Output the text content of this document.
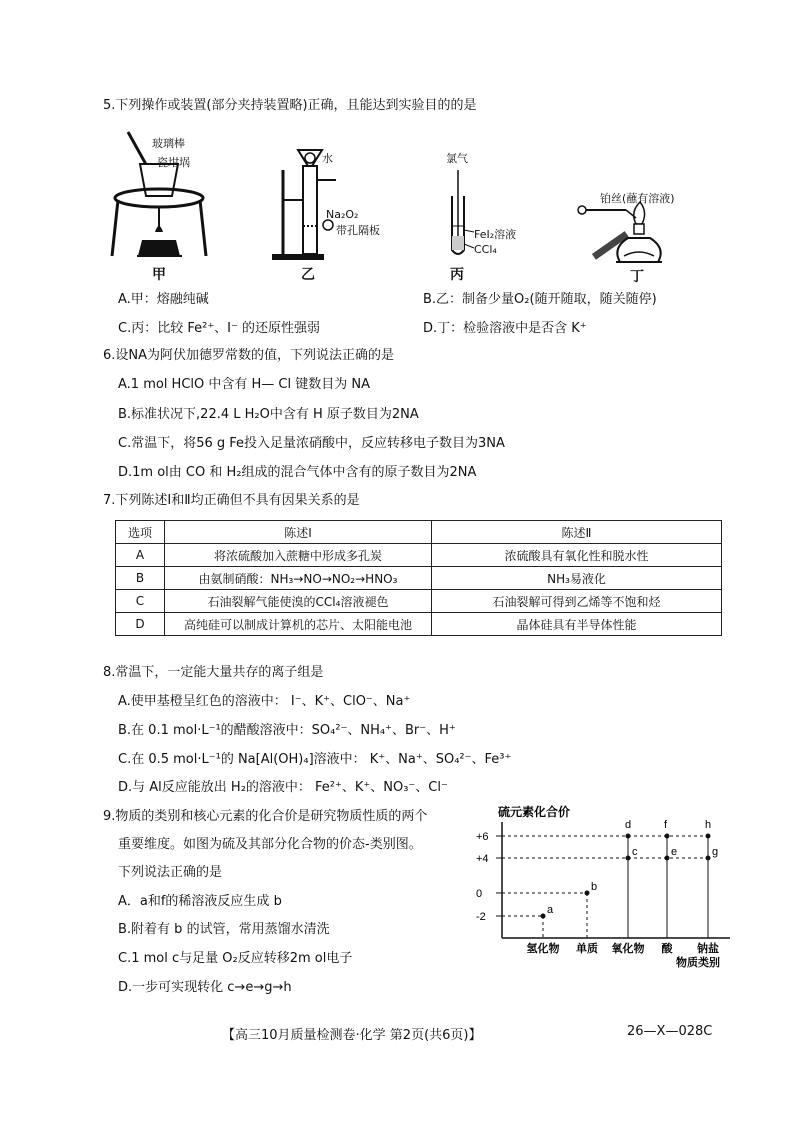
5.下列操作或装置(部分夹持装置略)正确，且能达到实验目的的是
玻璃棒
瓷坩埚
甲
水
Na₂O₂
带孔隔板
乙
氯气
FeI₂溶液
CCl₄
丙
铂丝(蘸有溶液)
丁
A.甲：熔融纯碱	B.乙：制备少量O₂(随开随取，随关随停)
C.丙：比较 Fe²⁺、I⁻ 的还原性强弱	D.丁：检验溶液中是否含 K⁺
6.设NA为阿伏加德罗常数的值，下列说法正确的是
A.1 mol HClO 中含有 H— Cl 键数目为 NA
B.标准状况下,22.4 L H₂O中含有 H 原子数目为2NA
C.常温下，将56 g Fe投入足量浓硝酸中，反应转移电子数目为3NA
D.1m ol由 CO 和 H₂组成的混合气体中含有的原子数目为2NA
7.下列陈述Ⅰ和Ⅱ均正确但不具有因果关系的是
选项	陈述Ⅰ	陈述Ⅱ
A	将浓硫酸加入蔗糖中形成多孔炭	浓硫酸具有氧化性和脱水性
B	由氨制硝酸：NH₃→NO→NO₂→HNO₃	NH₃易液化
C	石油裂解气能使溴的CCl₄溶液褪色	石油裂解可得到乙烯等不饱和烃
D	高纯硅可以制成计算机的芯片、太阳能电池	晶体硅具有半导体性能
8.常温下，一定能大量共存的离子组是
A.使甲基橙呈红色的溶液中： I⁻、K⁺、ClO⁻、Na⁺
B.在 0.1 mol·L⁻¹的醋酸溶液中：SO₄²⁻、NH₄⁺、Br⁻、H⁺
C.在 0.5 mol·L⁻¹的 Na[Al(OH)₄]溶液中： K⁺、Na⁺、SO₄²⁻、Fe³⁺
D.与 Al反应能放出 H₂的溶液中： Fe²⁺、K⁺、NO₃⁻、Cl⁻
9.物质的类别和核心元素的化合价是研究物质性质的两个
重要维度。如图为硫及其部分化合物的价态-类别图。
下列说法正确的是
A．a和f的稀溶液反应生成 b
B.附着有 b 的试管，常用蒸馏水清洗
C.1 mol c与足量 O₂反应转移2m ol电子
D.一步可实现转化 c→e→g→h
硫元素化合价
物质类别
-2
0
+4
+6
氢化物 单质 氧化物 酸 钠盐
a
b
c
d
e
f
g
h
【高三10月质量检测卷·化学 第2页(共6页)】	26—X—028C
